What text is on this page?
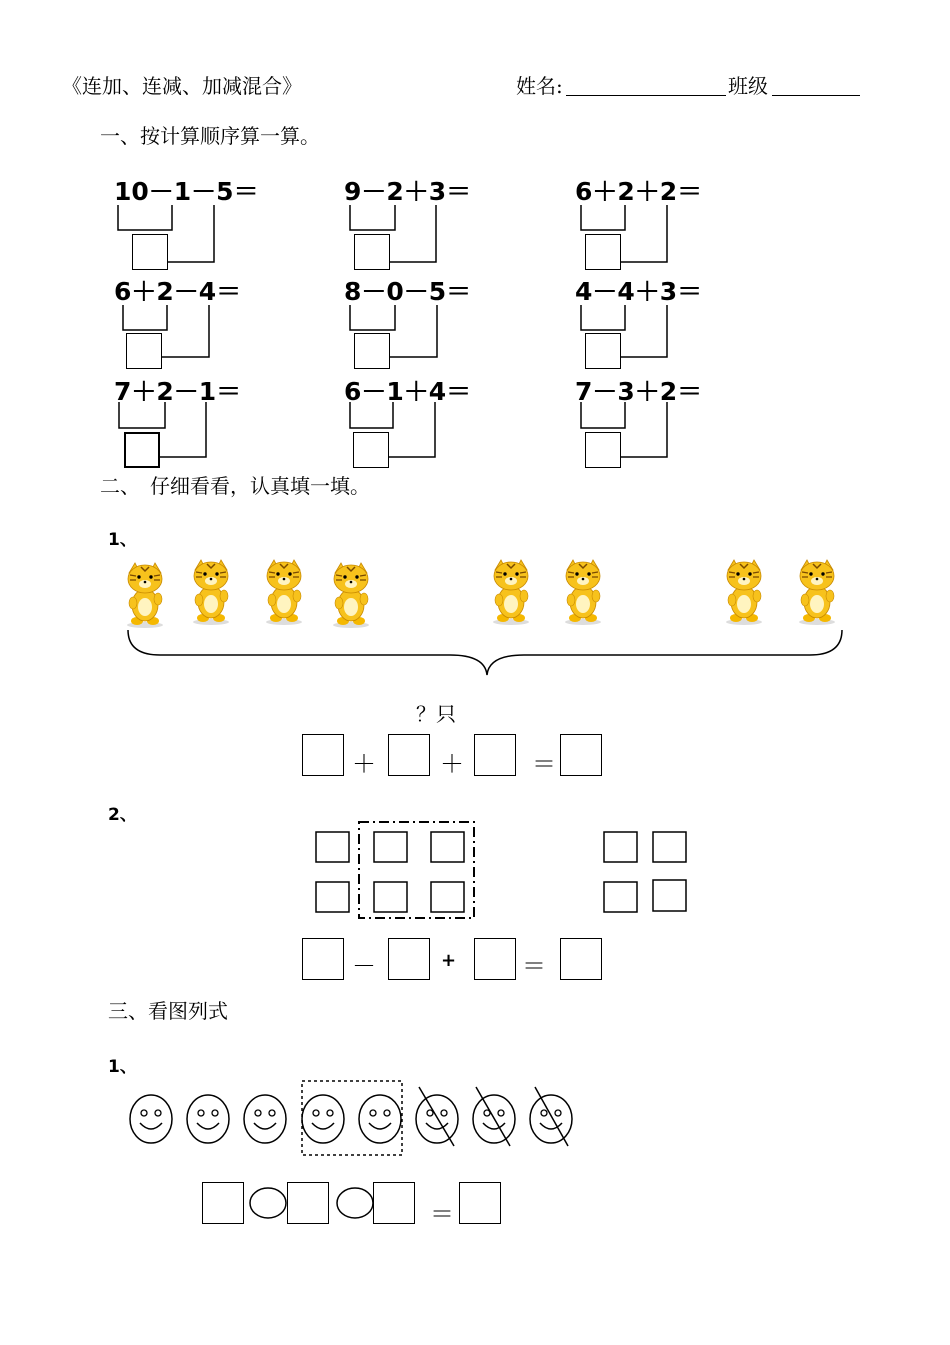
《连加、连减、加减混合》	姓名:	班级
一、按计算顺序算一算。
10－1－5＝	9－2＋3＝	6＋2＋2＝
6＋2－4＝	8－0－5＝	4－4＋3＝
7＋2－1＝	6－1＋4＝	7－3＋2＝
二、　仔细看看，认真填一填。
1、
？只
＋	＋	＝
2、
－	+	＝
三、看图列式
1、
＝
